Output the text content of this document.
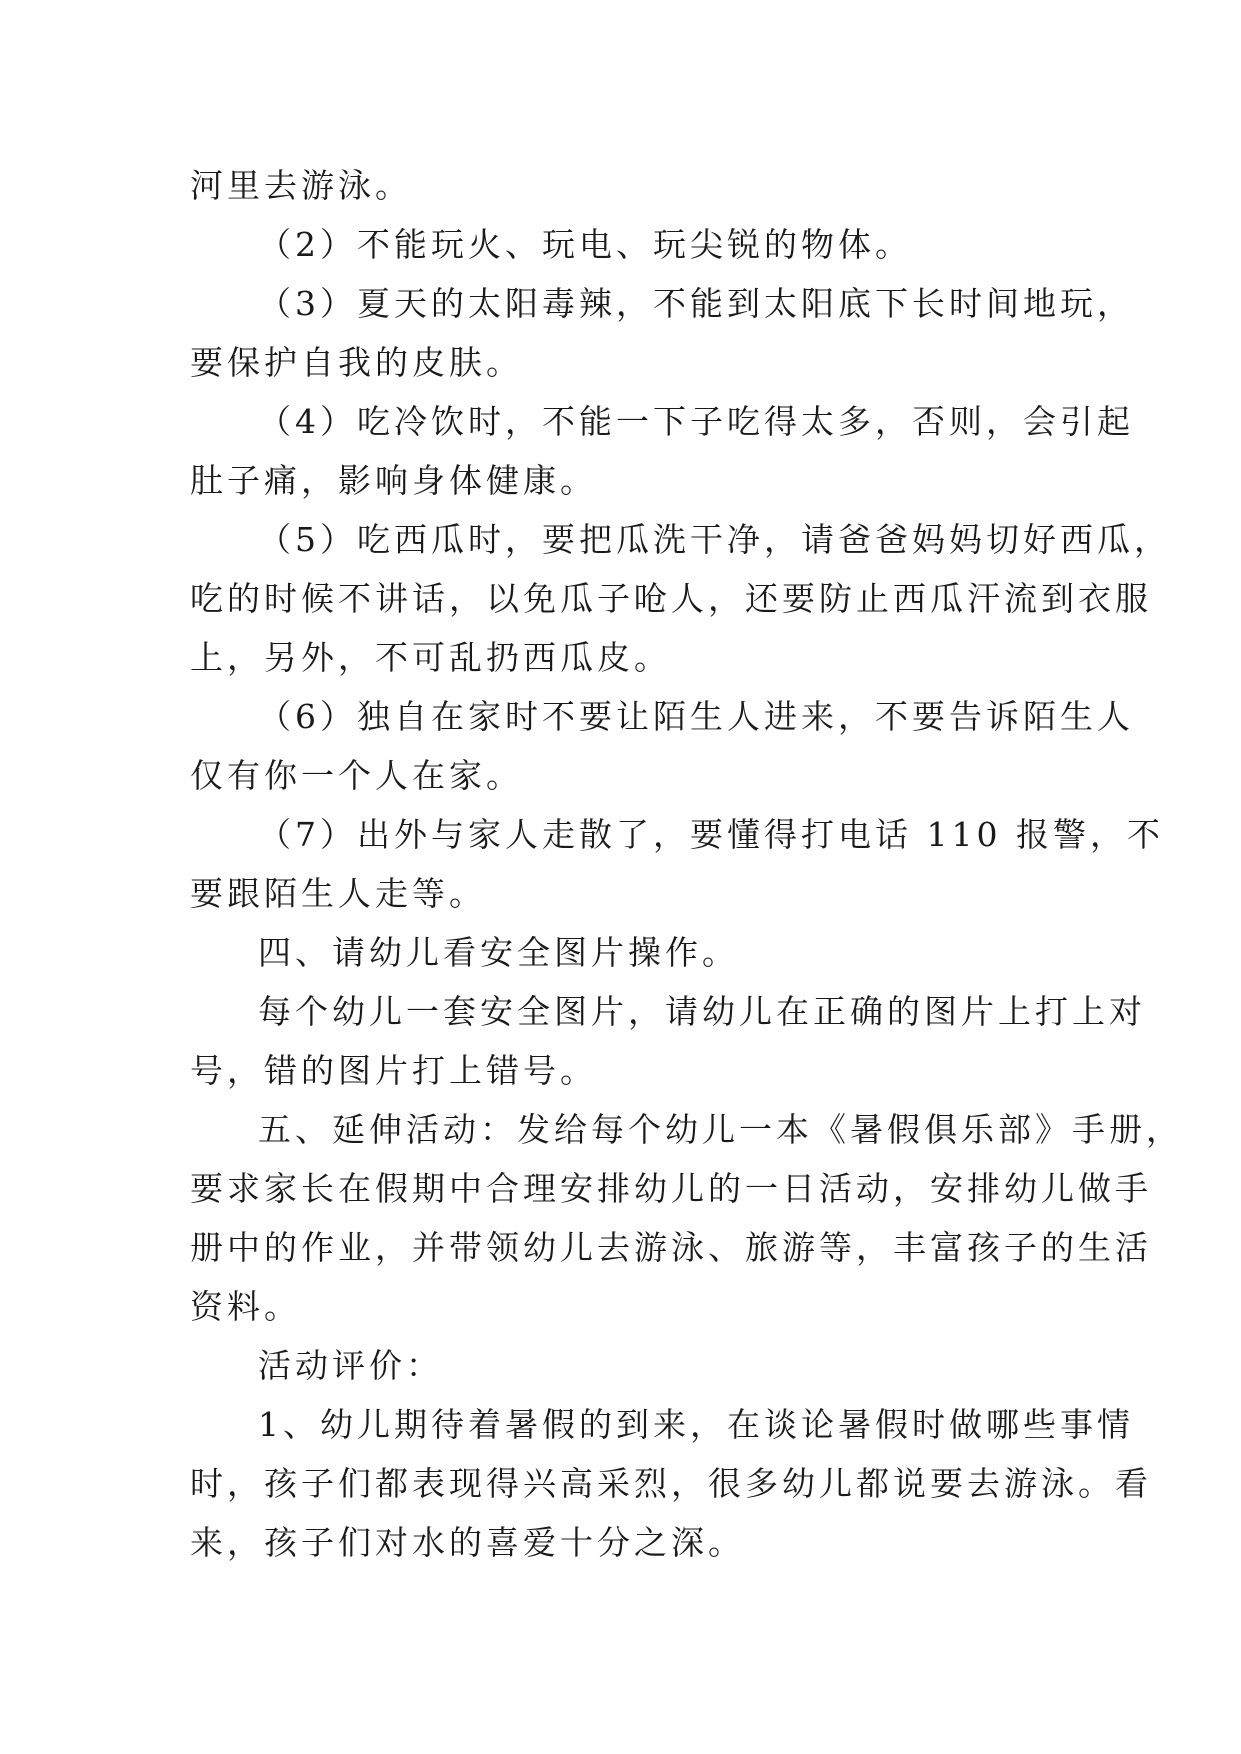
河里去游泳。
（2）不能玩火、玩电、玩尖锐的物体。
（3）夏天的太阳毒辣，不能到太阳底下长时间地玩，
要保护自我的皮肤。
（4）吃冷饮时，不能一下子吃得太多，否则，会引起
肚子痛，影响身体健康。
（5）吃西瓜时，要把瓜洗干净，请爸爸妈妈切好西瓜，
吃的时候不讲话，以免瓜子呛人，还要防止西瓜汗流到衣服
上，另外，不可乱扔西瓜皮。
（6）独自在家时不要让陌生人进来，不要告诉陌生人
仅有你一个人在家。
（7）出外与家人走散了，要懂得打电话 110 报警，不
要跟陌生人走等。
四、请幼儿看安全图片操作。
每个幼儿一套安全图片，请幼儿在正确的图片上打上对
号，错的图片打上错号。
五、延伸活动：发给每个幼儿一本《暑假俱乐部》手册，
要求家长在假期中合理安排幼儿的一日活动，安排幼儿做手
册中的作业，并带领幼儿去游泳、旅游等，丰富孩子的生活
资料。
活动评价：
1、幼儿期待着暑假的到来，在谈论暑假时做哪些事情
时，孩子们都表现得兴高采烈，很多幼儿都说要去游泳。看
来，孩子们对水的喜爱十分之深。
